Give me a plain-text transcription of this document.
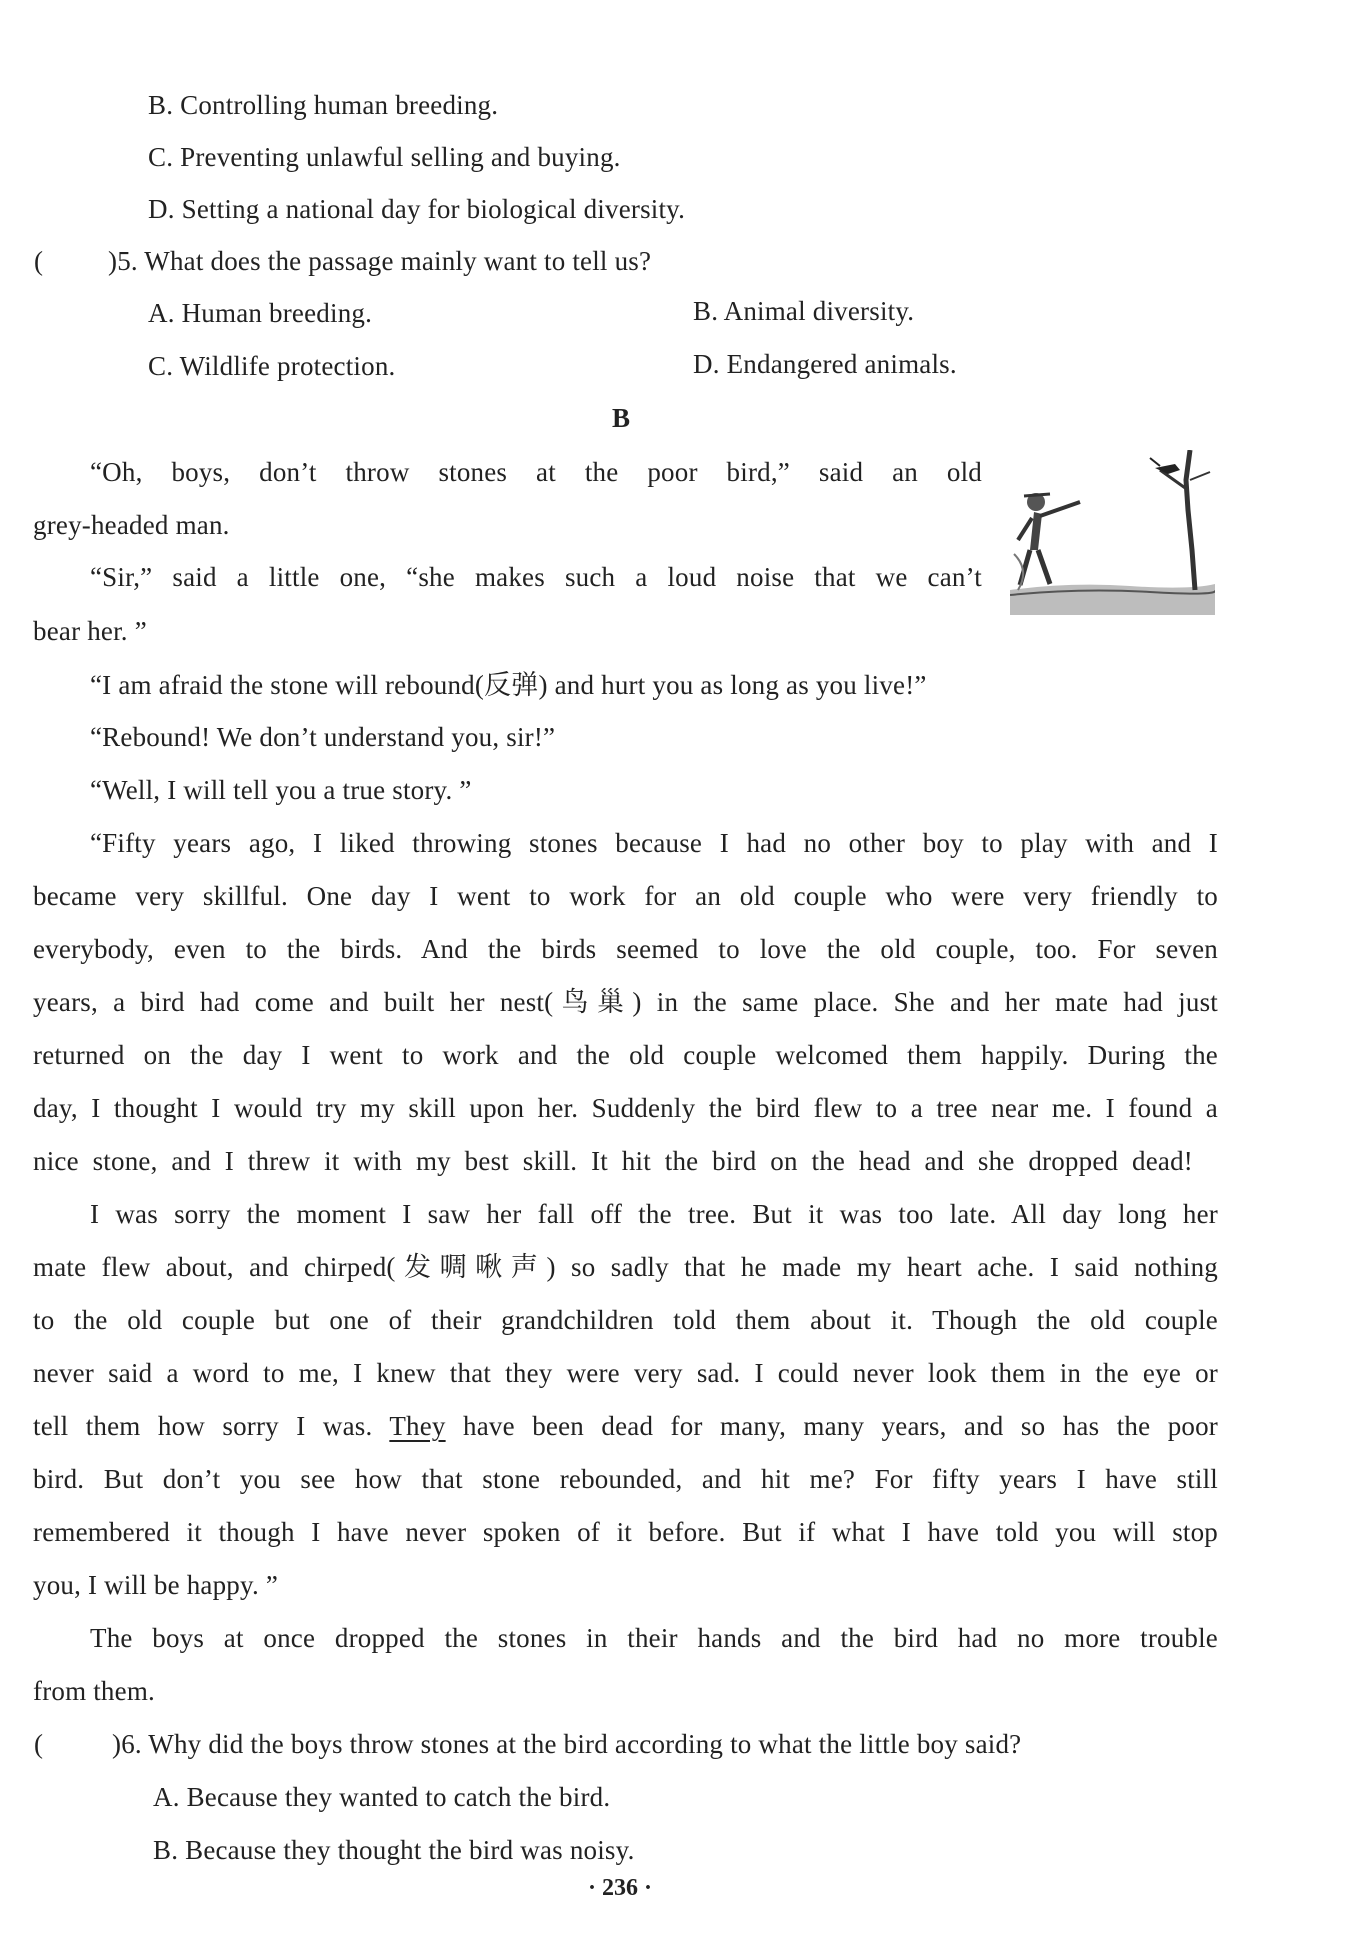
B. Controlling human breeding.
C. Preventing unlawful selling and buying.
D. Setting a national day for biological diversity.
( )5. What does the passage mainly want to tell us?
A. Human breeding.	B. Animal diversity.
C. Wildlife protection.	D. Endangered animals.
B
“Oh, boys, don’t throw stones at the poor bird,” said an old
grey-headed man.
“Sir,” said a little one, “she makes such a loud noise that we can’t
bear her. ”
“I am afraid the stone will rebound(反弹) and hurt you as long as you live!”
“Rebound! We don’t understand you, sir!”
“Well, I will tell you a true story. ”
“Fifty years ago, I liked throwing stones because I had no other boy to play with and I
became very skillful. One day I went to work for an old couple who were very friendly to
everybody, even to the birds. And the birds seemed to love the old couple, too. For seven
years, a bird had come and built her nest(鸟巢) in the same place. She and her mate had just
returned on the day I went to work and the old couple welcomed them happily. During the
day, I thought I would try my skill upon her. Suddenly the bird flew to a tree near me. I found a
nice stone, and I threw it with my best skill. It hit the bird on the head and she dropped dead!
I was sorry the moment I saw her fall off the tree. But it was too late. All day long her
mate flew about, and chirped(发啁啾声) so sadly that he made my heart ache. I said nothing
to the old couple but one of their grandchildren told them about it. Though the old couple
never said a word to me, I knew that they were very sad. I could never look them in the eye or
tell them how sorry I was. They have been dead for many, many years, and so has the poor
bird. But don’t you see how that stone rebounded, and hit me? For fifty years I have still
remembered it though I have never spoken of it before. But if what I have told you will stop
you, I will be happy. ”
The boys at once dropped the stones in their hands and the bird had no more trouble
from them.
(	)6. Why did the boys throw stones at the bird according to what the little boy said?
A. Because they wanted to catch the bird.
B. Because they thought the bird was noisy.
· 236 ·
